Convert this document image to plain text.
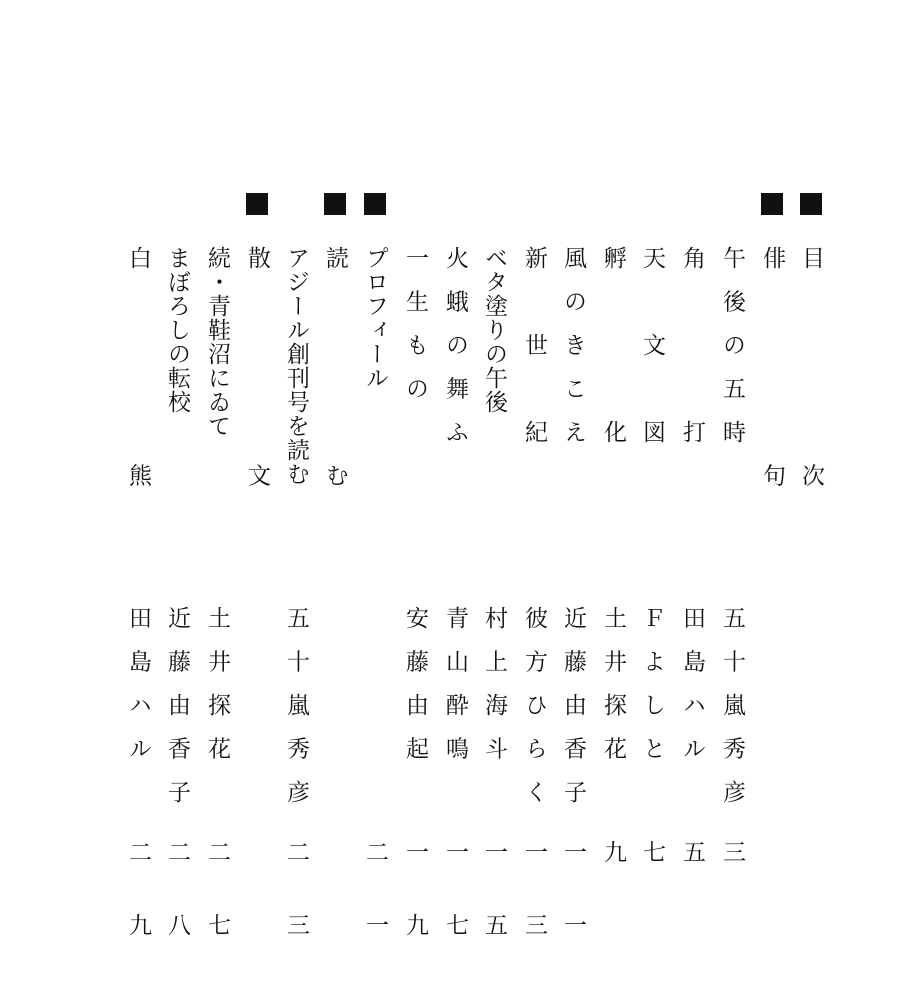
目　　　　次
俳　　　　句
午後の五時
五十嵐秀彦
三
角　　　打
田島ハル
五
天　文　図
Ｆよしと
七
孵　　　化
土井探花
九
風のきこえ
近藤由香子
一一
新　世　紀
彼方ひらく
一三
ベタ塗りの午後
村上海斗
一五
火蛾の舞ふ
青山酔鳴
一七
一生もの
安藤由起
一九
プロフィール
二一
読　　　　む
アジール創刊号を読む
五十嵐秀彦
二三
散　　　　文
続・青鞋沼にゐて
土井探花
二七
まぼろしの転校
近藤由香子
二八
白　　　　熊
田島ハル
二九
